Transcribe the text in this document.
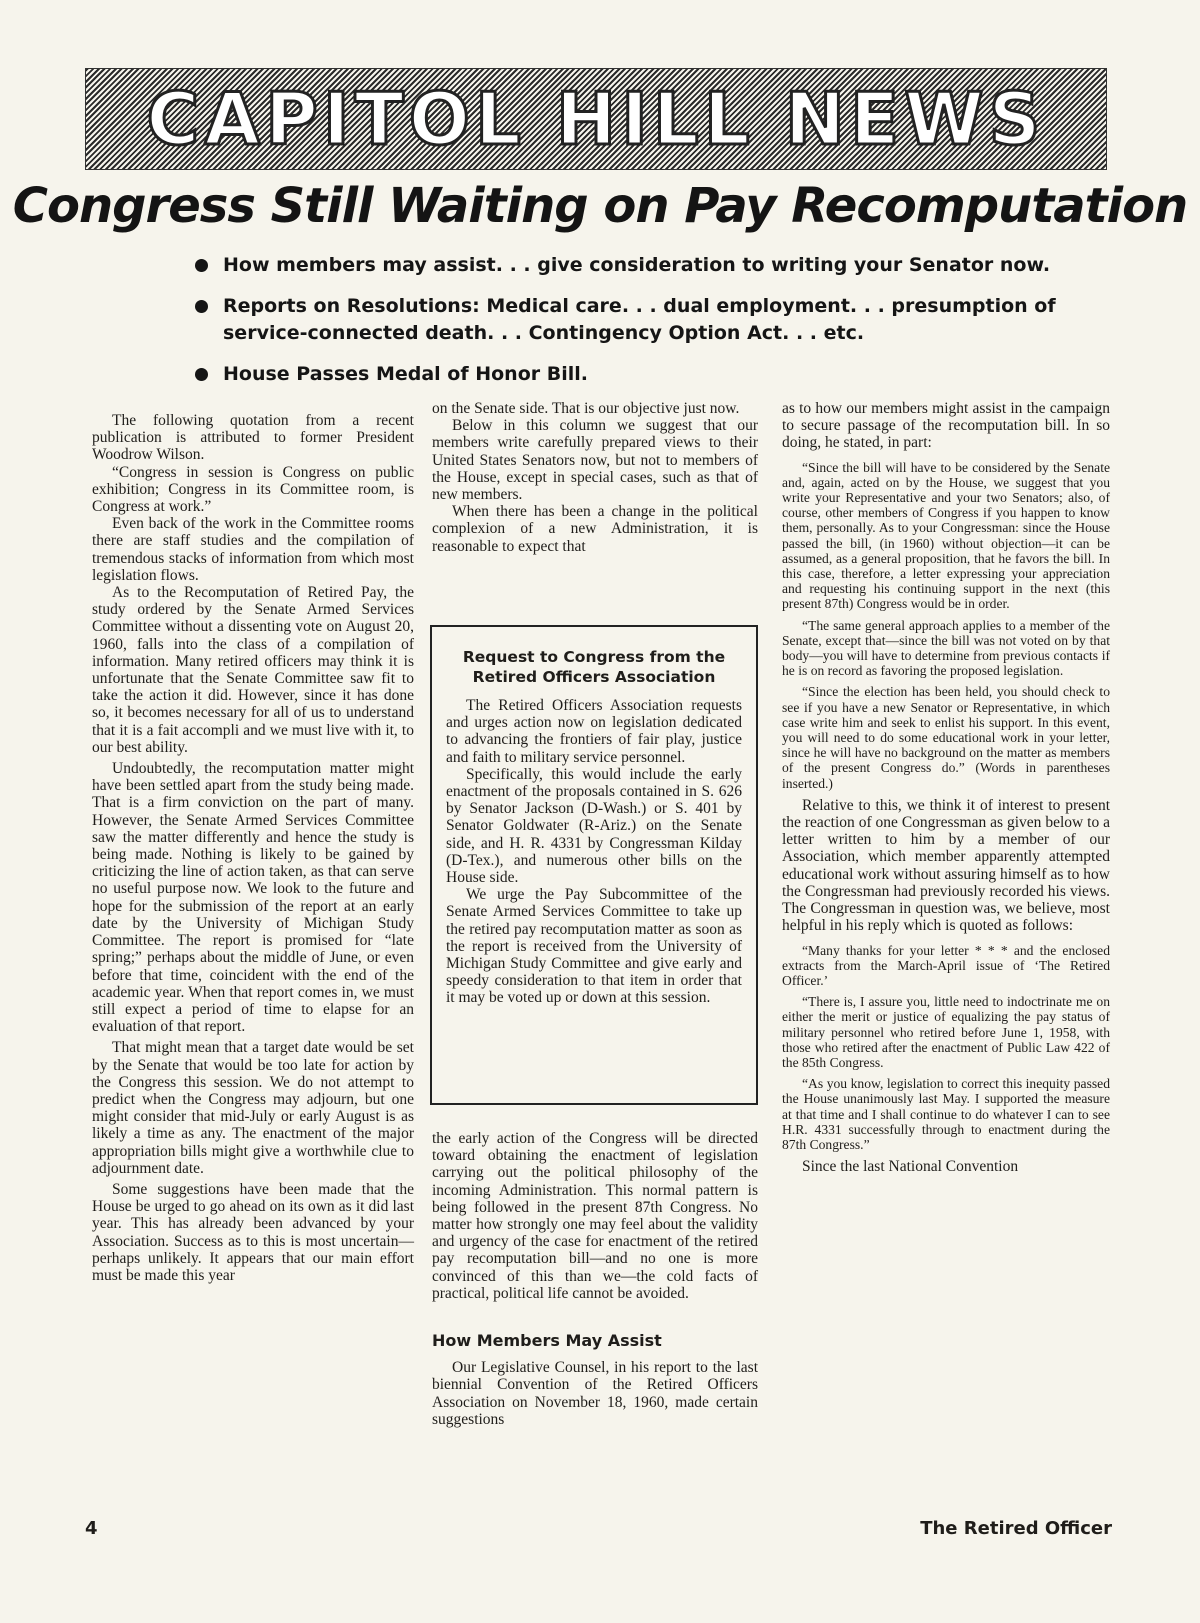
CAPITOL HILL NEWS
Congress Still Waiting on Pay Recomputation
How members may assist. . . give consideration to writing your Senator now.
Reports on Resolutions: Medical care. . . dual employment. . . presumption of service-connected death. . . Contingency Option Act. . . etc.
House Passes Medal of Honor Bill.

The following quotation from a recent publication is attributed to former President Woodrow Wilson.

“Congress in session is Congress on public exhibition; Congress in its Committee room, is Congress at work.”

Even back of the work in the Committee rooms there are staff studies and the compilation of tremendous stacks of information from which most legislation flows.

As to the Recomputation of Retired Pay, the study ordered by the Senate Armed Services Committee without a dissenting vote on August 20, 1960, falls into the class of a compilation of information. Many retired officers may think it is unfortunate that the Senate Committee saw fit to take the action it did. However, since it has done so, it becomes necessary for all of us to understand that it is a fait accompli and we must live with it, to our best ability.

Undoubtedly, the recomputation matter might have been settled apart from the study being made. That is a firm conviction on the part of many. However, the Senate Armed Services Committee saw the matter differently and hence the study is being made. Nothing is likely to be gained by criticizing the line of action taken, as that can serve no useful purpose now. We look to the future and hope for the submission of the report at an early date by the University of Michigan Study Committee. The report is promised for “late spring;” perhaps about the middle of June, or even before that time, coincident with the end of the academic year. When that report comes in, we must still expect a period of time to elapse for an evaluation of that report.

That might mean that a target date would be set by the Senate that would be too late for action by the Congress this session. We do not attempt to predict when the Congress may adjourn, but one might consider that mid-July or early August is as likely a time as any. The enactment of the major appropriation bills might give a worthwhile clue to adjournment date.

Some suggestions have been made that the House be urged to go ahead on its own as it did last year. This has already been advanced by your Association. Success as to this is most uncertain—perhaps unlikely. It appears that our main effort must be made this year

on the Senate side. That is our objective just now.

Below in this column we suggest that our members write carefully prepared views to their United States Senators now, but not to members of the House, except in special cases, such as that of new members.

When there has been a change in the political complexion of a new Administration, it is reasonable to expect that

Request to Congress from the Retired Officers Association

The Retired Officers Association requests and urges action now on legislation dedicated to advancing the frontiers of fair play, justice and faith to military service personnel.

Specifically, this would include the early enactment of the proposals contained in S. 626 by Senator Jackson (D-Wash.) or S. 401 by Senator Goldwater (R-Ariz.) on the Senate side, and H. R. 4331 by Congressman Kilday (D-Tex.), and numerous other bills on the House side.

We urge the Pay Subcommittee of the Senate Armed Services Committee to take up the retired pay recomputation matter as soon as the report is received from the University of Michigan Study Committee and give early and speedy consideration to that item in order that it may be voted up or down at this session.

the early action of the Congress will be directed toward obtaining the enactment of legislation carrying out the political philosophy of the incoming Administration. This normal pattern is being followed in the present 87th Congress. No matter how strongly one may feel about the validity and urgency of the case for enactment of the retired pay recomputation bill—and no one is more convinced of this than we—the cold facts of practical, political life cannot be avoided.

How Members May Assist

Our Legislative Counsel, in his report to the last biennial Convention of the Retired Officers Association on November 18, 1960, made certain suggestions

as to how our members might assist in the campaign to secure passage of the recomputation bill. In so doing, he stated, in part:

“Since the bill will have to be considered by the Senate and, again, acted on by the House, we suggest that you write your Representative and your two Senators; also, of course, other members of Congress if you happen to know them, personally. As to your Congressman: since the House passed the bill, (in 1960) without objection—it can be assumed, as a general proposition, that he favors the bill. In this case, therefore, a letter expressing your appreciation and requesting his continuing support in the next (this present 87th) Congress would be in order.

“The same general approach applies to a member of the Senate, except that—since the bill was not voted on by that body—you will have to determine from previous contacts if he is on record as favoring the proposed legislation.

“Since the election has been held, you should check to see if you have a new Senator or Representative, in which case write him and seek to enlist his support. In this event, you will need to do some educational work in your letter, since he will have no background on the matter as members of the present Congress do.” (Words in parentheses inserted.)

Relative to this, we think it of interest to present the reaction of one Congressman as given below to a letter written to him by a member of our Association, which member apparently attempted educational work without assuring himself as to how the Congressman had previously recorded his views. The Congressman in question was, we believe, most helpful in his reply which is quoted as follows:

“Many thanks for your letter * * * and the enclosed extracts from the March-April issue of ‘The Retired Officer.’

“There is, I assure you, little need to indoctrinate me on either the merit or justice of equalizing the pay status of military personnel who retired before June 1, 1958, with those who retired after the enactment of Public Law 422 of the 85th Congress.

“As you know, legislation to correct this inequity passed the House unanimously last May. I supported the measure at that time and I shall continue to do whatever I can to see H.R. 4331 successfully through to enactment during the 87th Congress.”

Since the last National Convention

4	The Retired Officer
